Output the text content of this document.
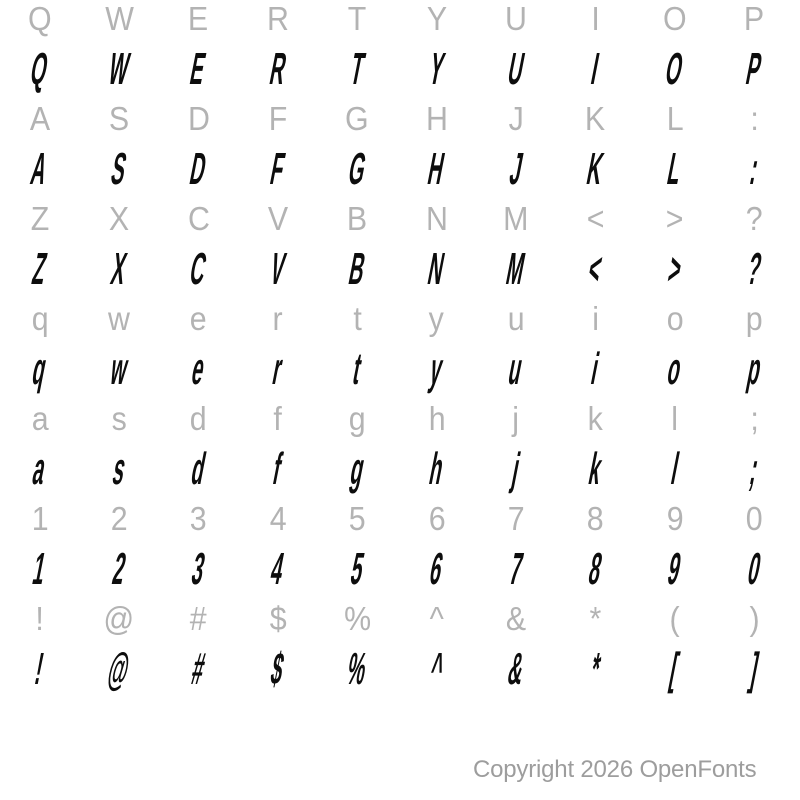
Q W E R T Y U I O P
Q W E R T Y U I O P
A S D F G H J K L :
A S D F G H J K L :
Z X C V B N M < > ?
Z X C V B N M < > ?
q w e r t y u i o p
q w e r t y u i o p
a s d f g h j k l ;
a s d f g h j k l ;
1 2 3 4 5 6 7 8 9 0
1 2 3 4 5 6 7 8 9 0
! @ # $ % ^ & * ( )
! @ # $ % ^ & * [ ]
Copyright 2026 OpenFonts
